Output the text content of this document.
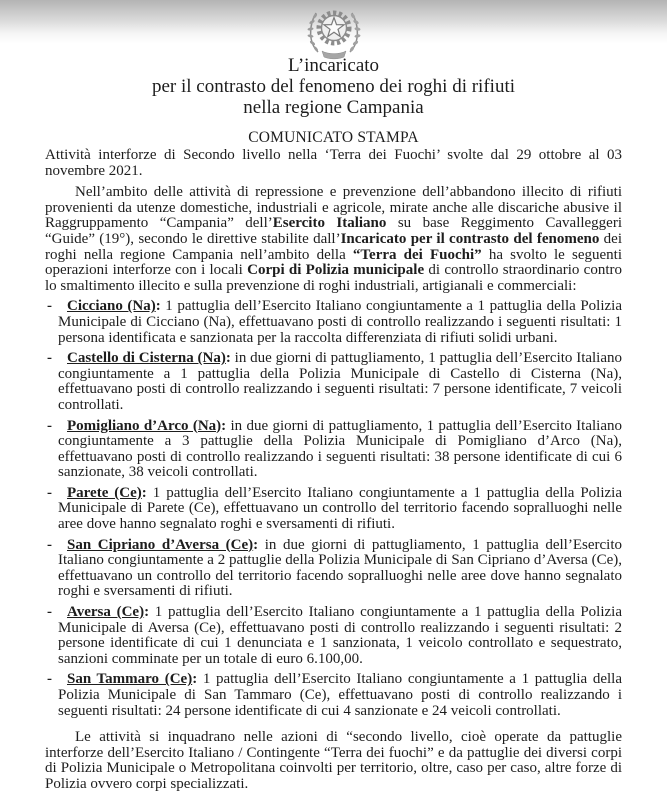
L’incaricato
per il contrasto del fenomeno dei roghi di rifiuti
nella regione Campania
COMUNICATO STAMPA

Attività interforze di Secondo livello nella ‘Terra dei Fuochi’ svolte dal 29 ottobre al 03 novembre 2021.

Nell’ambito delle attività di repressione e prevenzione dell’abbandono illecito di rifiuti provenienti da utenze domestiche, industriali e agricole, mirate anche alle discariche abusive il Raggruppamento “Campania” dell’Esercito Italiano su base Reggimento Cavalleggeri “Guide” (19°), secondo le direttive stabilite dall’Incaricato per il contrasto del fenomeno dei roghi nella regione Campania nell’ambito della “Terra dei Fuochi” ha svolto le seguenti operazioni interforze con i locali Corpi di Polizia municipale di controllo straordinario contro lo smaltimento illecito e sulla prevenzione di roghi industriali, artigianali e commerciali:

- Cicciano (Na): 1 pattuglia dell’Esercito Italiano congiuntamente a 1 pattuglia della Polizia Municipale di Cicciano (Na), effettuavano posti di controllo realizzando i seguenti risultati: 1 persona identificata e sanzionata per la raccolta differenziata di rifiuti solidi urbani.
- Castello di Cisterna (Na): in due giorni di pattugliamento, 1 pattuglia dell’Esercito Italiano congiuntamente a 1 pattuglia della Polizia Municipale di Castello di Cisterna (Na), effettuavano posti di controllo realizzando i seguenti risultati: 7 persone identificate, 7 veicoli controllati.
- Pomigliano d’Arco (Na): in due giorni di pattugliamento, 1 pattuglia dell’Esercito Italiano congiuntamente a 3 pattuglie della Polizia Municipale di Pomigliano d’Arco (Na), effettuavano posti di controllo realizzando i seguenti risultati: 38 persone identificate di cui 6 sanzionate, 38 veicoli controllati.
- Parete (Ce): 1 pattuglia dell’Esercito Italiano congiuntamente a 1 pattuglia della Polizia Municipale di Parete (Ce), effettuavano un controllo del territorio facendo sopralluoghi nelle aree dove hanno segnalato roghi e sversamenti di rifiuti.
- San Cipriano d’Aversa (Ce): in due giorni di pattugliamento, 1 pattuglia dell’Esercito Italiano congiuntamente a 2 pattuglie della Polizia Municipale di San Cipriano d’Aversa (Ce), effettuavano un controllo del territorio facendo sopralluoghi nelle aree dove hanno segnalato roghi e sversamenti di rifiuti.
- Aversa (Ce): 1 pattuglia dell’Esercito Italiano congiuntamente a 1 pattuglia della Polizia Municipale di Aversa (Ce), effettuavano posti di controllo realizzando i seguenti risultati: 2 persone identificate di cui 1 denunciata e 1 sanzionata, 1 veicolo controllato e sequestrato, sanzioni comminate per un totale di euro 6.100,00.
- San Tammaro (Ce): 1 pattuglia dell’Esercito Italiano congiuntamente a 1 pattuglia della Polizia Municipale di San Tammaro (Ce), effettuavano posti di controllo realizzando i seguenti risultati: 24 persone identificate di cui 4 sanzionate e 24 veicoli controllati.

Le attività si inquadrano nelle azioni di “secondo livello, cioè operate da pattuglie interforze dell’Esercito Italiano / Contingente “Terra dei fuochi” e da pattuglie dei diversi corpi di Polizia Municipale o Metropolitana coinvolti per territorio, oltre, caso per caso, altre forze di Polizia ovvero corpi specializzati.
